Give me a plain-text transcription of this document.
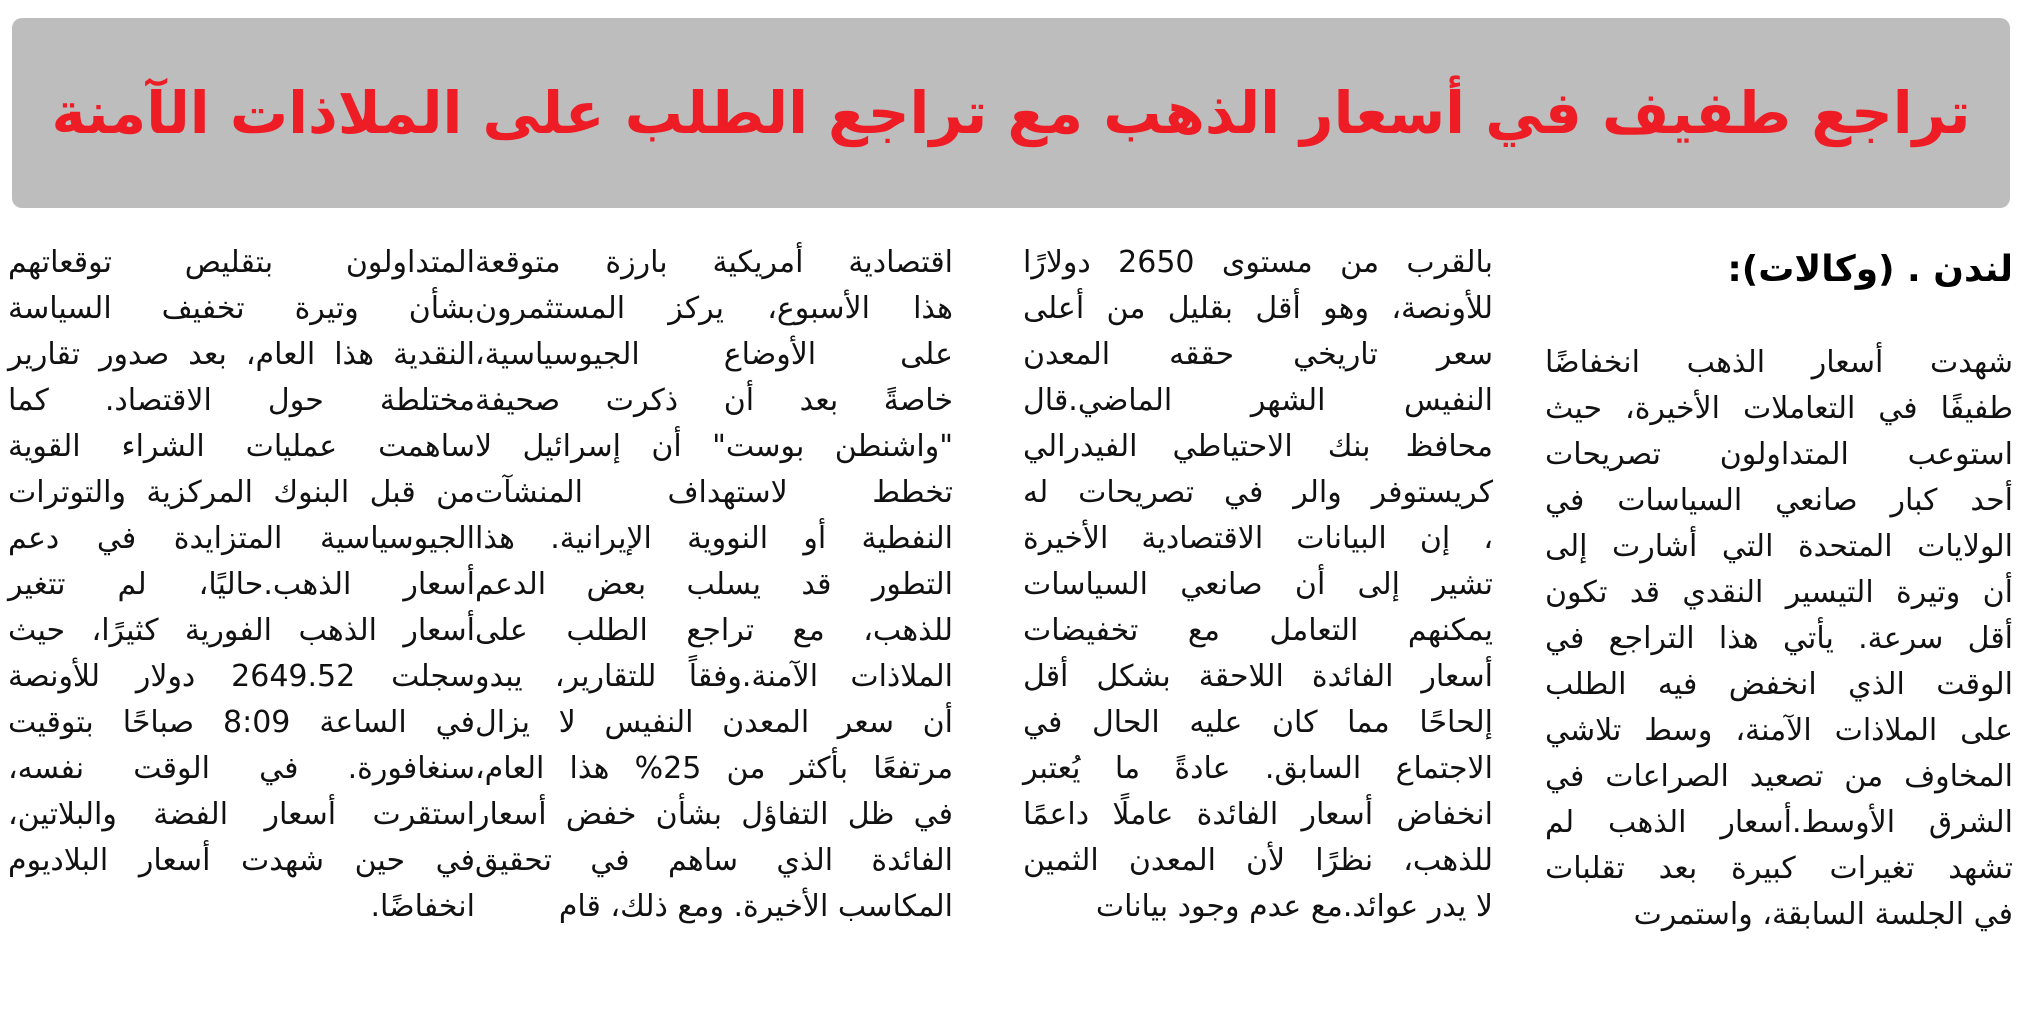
تراجع طفيف في أسعار الذهب مع تراجع الطلب على الملاذات الآمنة
لندن . (وكالات):
شهدت أسعار الذهب انخفاضًا
طفيفًا في التعاملات الأخيرة، حيث
استوعب المتداولون تصريحات
أحد كبار صانعي السياسات في
الولايات المتحدة التي أشارت إلى
أن وتيرة التيسير النقدي قد تكون
أقل سرعة. يأتي هذا التراجع في
الوقت الذي انخفض فيه الطلب
على الملاذات الآمنة، وسط تلاشي
المخاوف من تصعيد الصراعات في
الشرق الأوسط.أسعار الذهب لم
تشهد تغيرات كبيرة بعد تقلبات
في الجلسة السابقة، واستمرت
بالقرب من مستوى 2650 دولارًا
للأونصة، وهو أقل بقليل من أعلى
سعر تاريخي حققه المعدن
النفيس الشهر الماضي.قال
محافظ بنك الاحتياطي الفيدرالي
كريستوفر والر في تصريحات له
، إن البيانات الاقتصادية الأخيرة
تشير إلى أن صانعي السياسات
يمكنهم التعامل مع تخفيضات
أسعار الفائدة اللاحقة بشكل أقل
إلحاحًا مما كان عليه الحال في
الاجتماع السابق. عادةً ما يُعتبر
انخفاض أسعار الفائدة عاملًا داعمًا
للذهب، نظرًا لأن المعدن الثمين
لا يدر عوائد.مع عدم وجود بيانات
اقتصادية أمريكية بارزة متوقعة
هذا الأسبوع، يركز المستثمرون
على الأوضاع الجيوسياسية،
خاصةً بعد أن ذكرت صحيفة
"واشنطن بوست" أن إسرائيل لا
تخطط لاستهداف المنشآت
النفطية أو النووية الإيرانية. هذا
التطور قد يسلب بعض الدعم
للذهب، مع تراجع الطلب على
الملاذات الآمنة.وفقاً للتقارير، يبدو
أن سعر المعدن النفيس لا يزال
مرتفعًا بأكثر من 25% هذا العام،
في ظل التفاؤل بشأن خفض أسعار
الفائدة الذي ساهم في تحقيق
المكاسب الأخيرة. ومع ذلك، قام
المتداولون بتقليص توقعاتهم
بشأن وتيرة تخفيف السياسة
النقدية هذا العام، بعد صدور تقارير
مختلطة حول الاقتصاد. كما
ساهمت عمليات الشراء القوية
من قبل البنوك المركزية والتوترات
الجيوسياسية المتزايدة في دعم
أسعار الذهب.حاليًا، لم تتغير
أسعار الذهب الفورية كثيرًا، حيث
سجلت 2649.52 دولار للأونصة
في الساعة 8:09 صباحًا بتوقيت
سنغافورة. في الوقت نفسه،
استقرت أسعار الفضة والبلاتين،
في حين شهدت أسعار البلاديوم
انخفاضًا.
